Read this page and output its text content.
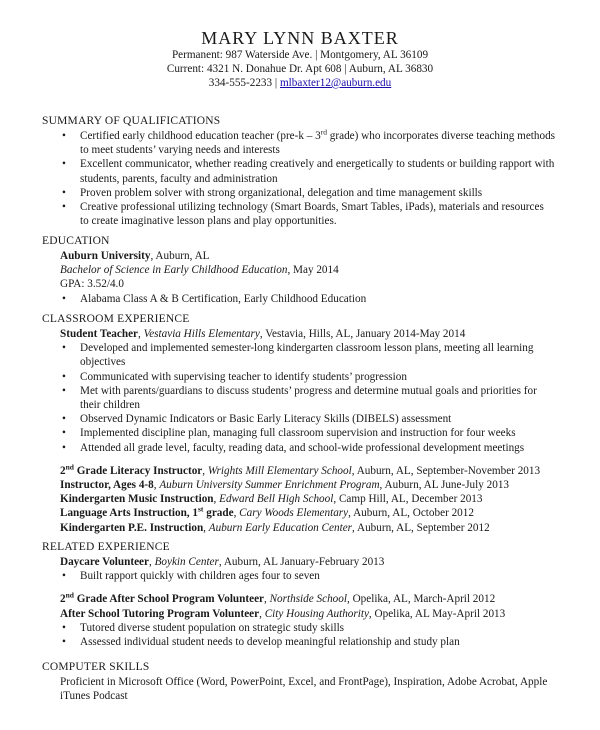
MARY LYNN BAXTER
Permanent: 987 Waterside Ave. | Montgomery, AL 36109
Current: 4321 N. Donahue Dr. Apt 608 | Auburn, AL 36830
334-555-2233 | mlbaxter12@auburn.edu
SUMMARY OF QUALIFICATIONS
• Certified early childhood education teacher (pre-k – 3rd grade) who incorporates diverse teaching methods
to meet students’ varying needs and interests
• Excellent communicator, whether reading creatively and energetically to students or building rapport with
students, parents, faculty and administration
• Proven problem solver with strong organizational, delegation and time management skills
• Creative professional utilizing technology (Smart Boards, Smart Tables, iPads), materials and resources
to create imaginative lesson plans and play opportunities.
EDUCATION
Auburn University, Auburn, AL
Bachelor of Science in Early Childhood Education, May 2014
GPA: 3.52/4.0
• Alabama Class A & B Certification, Early Childhood Education
CLASSROOM EXPERIENCE
Student Teacher, Vestavia Hills Elementary, Vestavia, Hills, AL, January 2014-May 2014
• Developed and implemented semester-long kindergarten classroom lesson plans, meeting all learning
objectives
• Communicated with supervising teacher to identify students’ progression
• Met with parents/guardians to discuss students’ progress and determine mutual goals and priorities for
their children
• Observed Dynamic Indicators or Basic Early Literacy Skills (DIBELS) assessment
• Implemented discipline plan, managing full classroom supervision and instruction for four weeks
• Attended all grade level, faculty, reading data, and school-wide professional development meetings
2nd Grade Literacy Instructor, Wrights Mill Elementary School, Auburn, AL, September-November 2013
Instructor, Ages 4-8, Auburn University Summer Enrichment Program, Auburn, AL June-July 2013
Kindergarten Music Instruction, Edward Bell High School, Camp Hill, AL, December 2013
Language Arts Instruction, 1st grade, Cary Woods Elementary, Auburn, AL, October 2012
Kindergarten P.E. Instruction, Auburn Early Education Center, Auburn, AL, September 2012
RELATED EXPERIENCE
Daycare Volunteer, Boykin Center, Auburn, AL January-February 2013
• Built rapport quickly with children ages four to seven
2nd Grade After School Program Volunteer, Northside School, Opelika, AL, March-April 2012
After School Tutoring Program Volunteer, City Housing Authority, Opelika, AL May-April 2013
• Tutored diverse student population on strategic study skills
• Assessed individual student needs to develop meaningful relationship and study plan
COMPUTER SKILLS
Proficient in Microsoft Office (Word, PowerPoint, Excel, and FrontPage), Inspiration, Adobe Acrobat, Apple
iTunes Podcast
